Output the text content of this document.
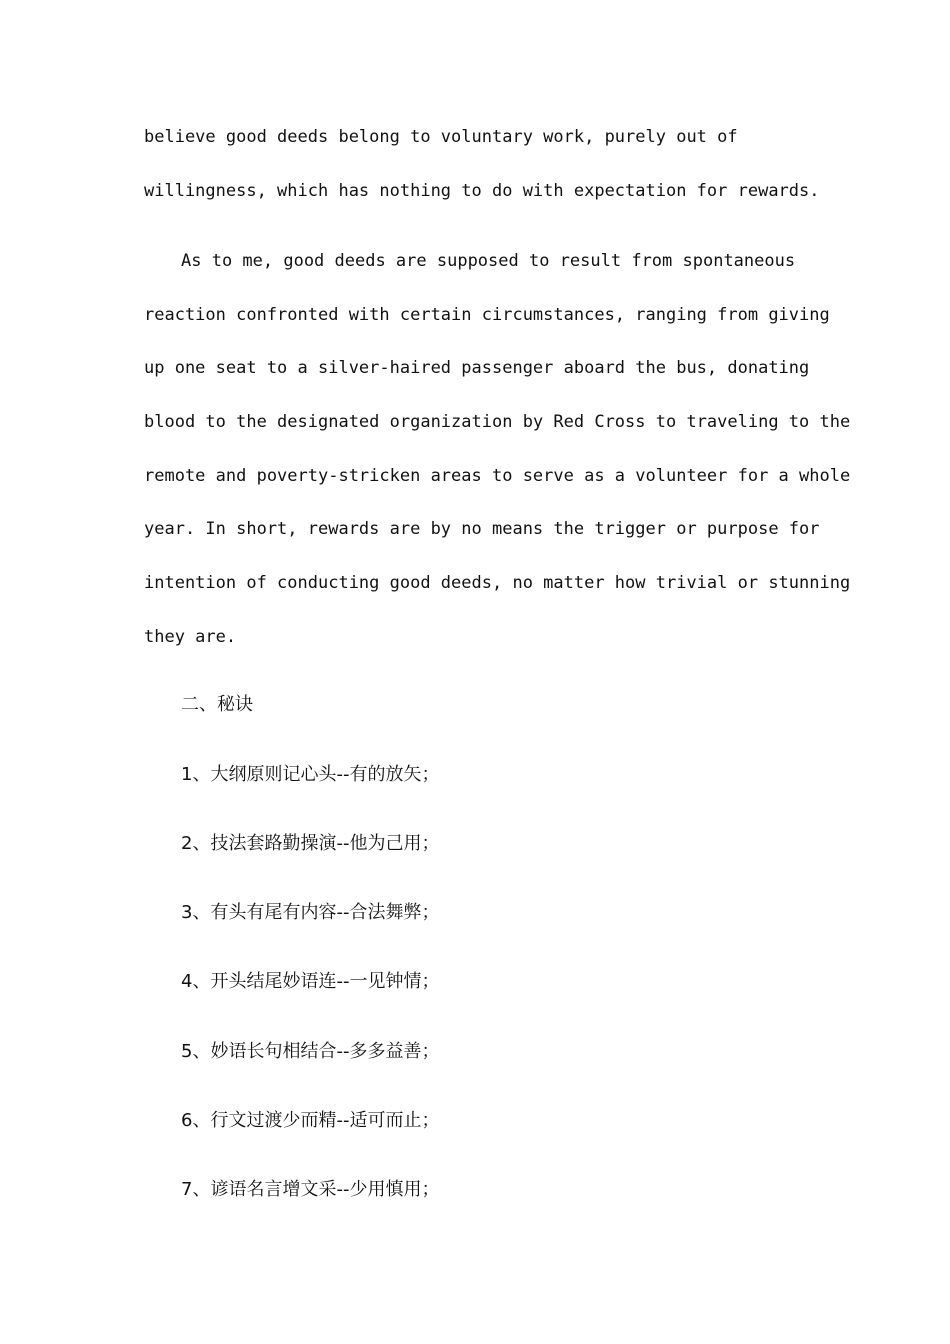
believe good deeds belong to voluntary work, purely out of
willingness, which has nothing to do with expectation for rewards.
As to me, good deeds are supposed to result from spontaneous
reaction confronted with certain circumstances, ranging from giving
up one seat to a silver-haired passenger aboard the bus, donating
blood to the designated organization by Red Cross to traveling to the
remote and poverty-stricken areas to serve as a volunteer for a whole
year. In short, rewards are by no means the trigger or purpose for
intention of conducting good deeds, no matter how trivial or stunning
they are.
二、秘诀
1、大纲原则记心头--有的放矢；
2、技法套路勤操演--他为己用；
3、有头有尾有内容--合法舞弊；
4、开头结尾妙语连--一见钟情；
5、妙语长句相结合--多多益善；
6、行文过渡少而精--适可而止；
7、谚语名言增文采--少用慎用；
